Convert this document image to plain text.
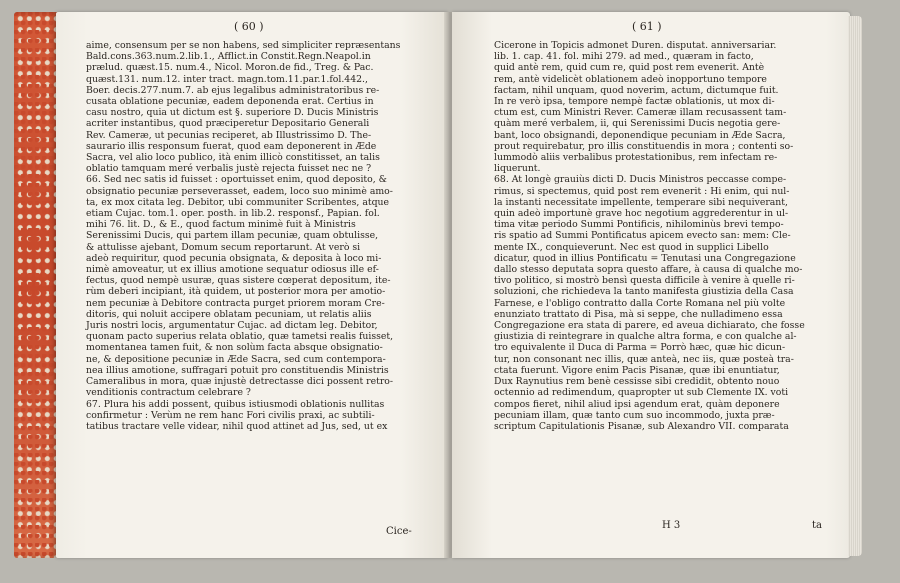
( 60 )

aime, consensum per se non habens, sed simpliciter repræsentans

Bald.cons.363.num.2.lib.1., Afflict.in Constit.Regn.Neapol.in

prælud. quæst.15. num.4., Nicol. Moron.de fid., Treg. & Pac.

quæst.131. num.12. inter tract. magn.tom.11.par.1.fol.442.,

Boer. decis.277.num.7. ab ejus legalibus administratoribus re-

cusata oblatione pecuniæ, eadem deponenda erat. Certius in

casu nostro, quia ut dictum est §. superiore D. Ducis Ministris

acriter instantibus, quod præciperetur Depositario Generali

Rev. Cameræ, ut pecunias reciperet, ab Illustrissimo D. The-

saurario illis responsum fuerat, quod eam deponerent in Æde

Sacra, vel alio loco publico, ità enim illicò constitisset, an talis

oblatio tamquam meré verbalis justè rejecta fuisset nec ne ?

66. Sed nec satis id fuisset : oportuisset enim, quod deposito, &

obsignatio pecuniæ perseverasset, eadem, loco suo minimè amo-

ta, ex mox citata leg. Debitor, ubi communiter Scribentes, atque

etiam Cujac. tom.1. oper. posth. in lib.2. responsf., Papian. fol.

mihi 76. lit. D., & E., quod factum minimè fuit à Ministris

Serenissimi Ducis, qui partem illam pecuniæ, quam obtulisse,

& attulisse ajebant, Domum secum reportarunt. At verò si

adeò requiritur, quod pecunia obsignata, & deposita à loco mi-

nimè amoveatur, ut ex illius amotione sequatur odiosus ille ef-

fectus, quod nempè usuræ, quas sistere cœperat depositum, ite-

rùm deberi incipiant, ità quidem, ut posterior mora per amotio-

nem pecuniæ à Debitore contracta purget priorem moram Cre-

ditoris, qui noluit accipere oblatam pecuniam, ut relatis aliis

Juris nostri locis, argumentatur Cujac. ad dictam leg. Debitor,

quonam pacto superius relata oblatio, quæ tametsi realis fuisset,

momentanea tamen fuit, & non solùm facta absque obsignatio-

ne, & depositione pecuniæ in Æde Sacra, sed cum contempora-

nea illius amotione, suffragari potuit pro constituendis Ministris

Cameralibus in mora, quæ injustè detrectasse dici possent retro-

venditionis contractum celebrare ?

67. Plura his addi possent, quibus istiusmodi oblationis nullitas

confirmetur : Verùm ne rem hanc Fori civilis praxi, ac subtili-

tatibus tractare velle videar, nihil quod attinet ad Jus, sed, ut ex

Cice-
( 61 )

Cicerone in Topicis admonet Duren. disputat. anniversariar.

lib. 1. cap. 41. fol. mihi 279. ad med., quæram in facto,

quid antè rem, quid cum re, quid post rem evenerit. Antè

rem, antè videlicèt oblationem adeò inopportuno tempore

factam, nihil unquam, quod noverim, actum, dictumque fuit.

In re verò ipsa, tempore nempè factæ oblationis, ut mox di-

ctum est, cum Ministri Rever. Cameræ illam recusassent tam-

quàm meré verbalem, ii, qui Serenissimi Ducis negotia gere-

bant, loco obsignandi, deponendique pecuniam in Æde Sacra,

prout requirebatur, pro illis constituendis in mora ; contenti so-

lummodò aliis verbalibus protestationibus, rem infectam re-

liquerunt.

68. At longè grauiùs dicti D. Ducis Ministros peccasse compe-

rimus, si spectemus, quid post rem evenerit : Hi enim, qui nul-

la instanti necessitate impellente, temperare sibi nequiverant,

quin adeò importunè grave hoc negotium aggrederentur in ul-

tima vitæ periodo Summi Pontificis, nihilominùs brevi tempo-

ris spatio ad Summi Pontificatus apicem evecto san: mem: Cle-

mente IX., conquieverunt. Nec est quod in supplici Libello

dicatur, quod in illius Pontificatu = Tenutasi una Congregazione

dallo stesso deputata sopra questo affare, à causa di qualche mo-

tivo politico, si mostrò bensì questa difficile à venire à quelle ri-

soluzioni, che richiedeva la tanto manifesta giustizia della Casa

Farnese, e l'obligo contratto dalla Corte Romana nel più volte

enunziato trattato di Pisa, mà si seppe, che nulladimeno essa

Congregazione era stata di parere, ed aveua dichiarato, che fosse

giustizia di reintegrare in qualche altra forma, e con qualche al-

tro equivalente il Duca di Parma = Porrò hæc, quæ hic dicun-

tur, non consonant nec illis, quæ anteà, nec iis, quæ posteà tra-

ctata fuerunt. Vigore enim Pacis Pisanæ, quæ ibi enuntiatur,

Dux Raynutius rem benè cessisse sibi credidit, obtento nouo

octennio ad redimendum, quapropter ut sub Clemente IX. voti

compos fieret, nihil aliud ipsi agendum erat, quàm deponere

pecuniam illam, quæ tanto cum suo incommodo, juxta præ-

scriptum Capitulationis Pisanæ, sub Alexandro VII. comparata

H 3	ta
